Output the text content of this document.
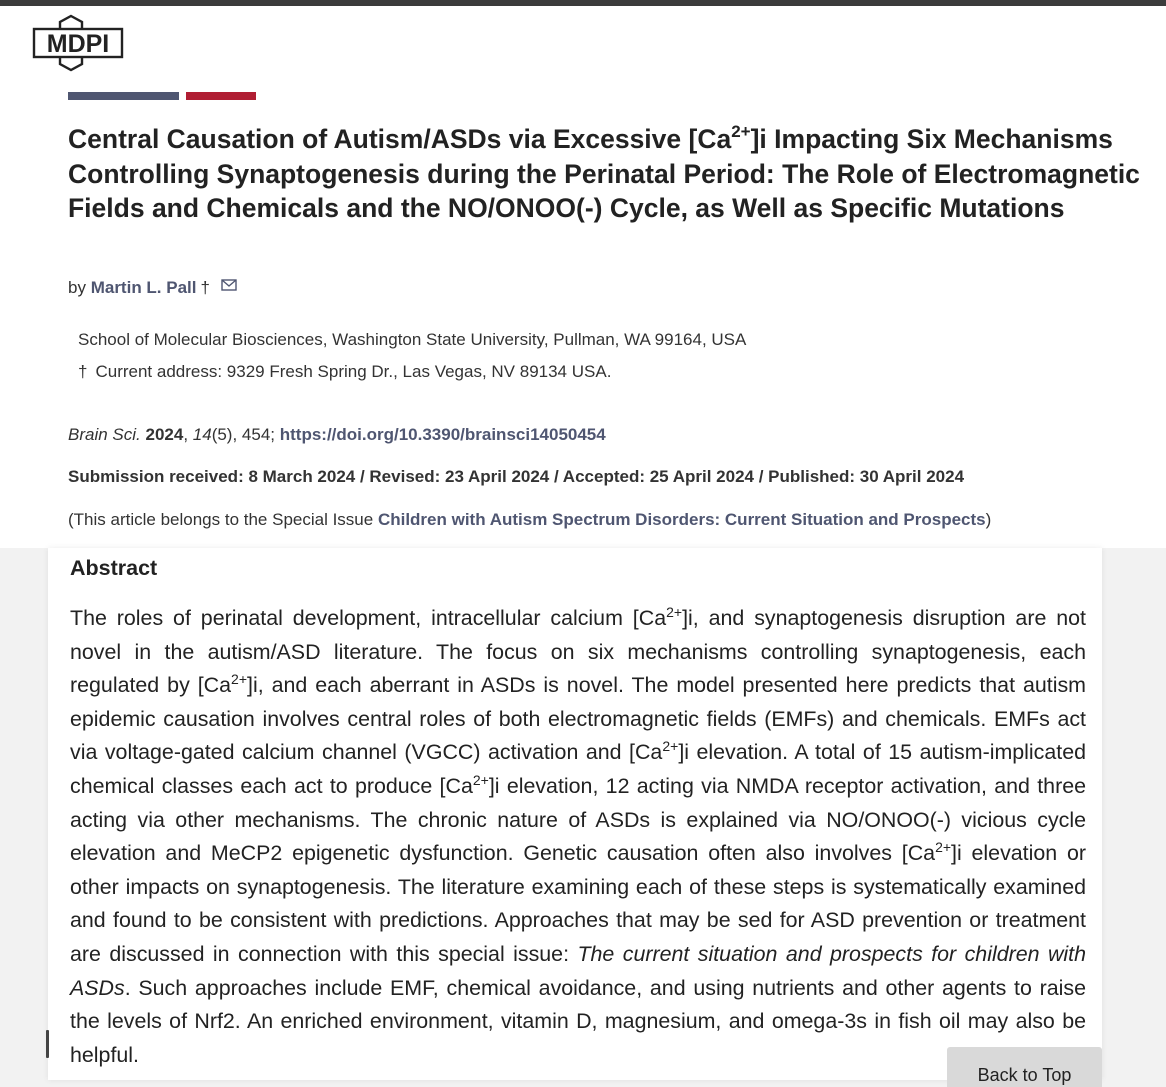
MDPI
Central Causation of Autism/ASDs via Excessive $[Ca^{2+}]i$ Impacting Six Mechanisms Controlling Synaptogenesis during the Perinatal Period: The Role of Electromagnetic Fields and Chemicals and the NO/ONOO(-) Cycle, as Well as Specific Mutations
by Martin L. Pall †
School of Molecular Biosciences, Washington State University, Pullman, WA 99164, USA
† Current address: 9329 Fresh Spring Dr., Las Vegas, NV 89134 USA.
Brain Sci. 2024, 14(5), 454; https://doi.org/10.3390/brainsci14050454
Submission received: 8 March 2024 / Revised: 23 April 2024 / Accepted: 25 April 2024 / Published: 30 April 2024
(This article belongs to the Special Issue Children with Autism Spectrum Disorders: Current Situation and Prospects)
Abstract

The roles of perinatal development, intracellular calcium $[Ca^{2+}]i$, and synaptogenesis disruption are not novel in the autism/ASD literature. The focus on six mechanisms controlling synaptogenesis, each regulated by $[Ca^{2+}]i$, and each aberrant in ASDs is novel. The model presented here predicts that autism epidemic causation involves central roles of both electromagnetic fields (EMFs) and chemicals. EMFs act via voltage-gated calcium channel (VGCC) activation and $[Ca^{2+}]i$ elevation. A total of 15 autism-implicated chemical classes each act to produce $[Ca^{2+}]i$ elevation, 12 acting via NMDA receptor activation, and three acting via other mechanisms. The chronic nature of ASDs is explained via NO/ONOO(-) vicious cycle elevation and MeCP2 epigenetic dysfunction. Genetic causation often also involves $[Ca^{2+}]i$ elevation or other impacts on synaptogenesis. The literature examining each of these steps is systematically examined and found to be consistent with predictions. Approaches that may be sed for ASD prevention or treatment are discussed in connection with this special issue: The current situation and prospects for children with ASDs. Such approaches include EMF, chemical avoidance, and using nutrients and other agents to raise the levels of Nrf2. An enriched environment, vitamin D, magnesium, and omega-3s in fish oil may also be helpful.

Back to Top
